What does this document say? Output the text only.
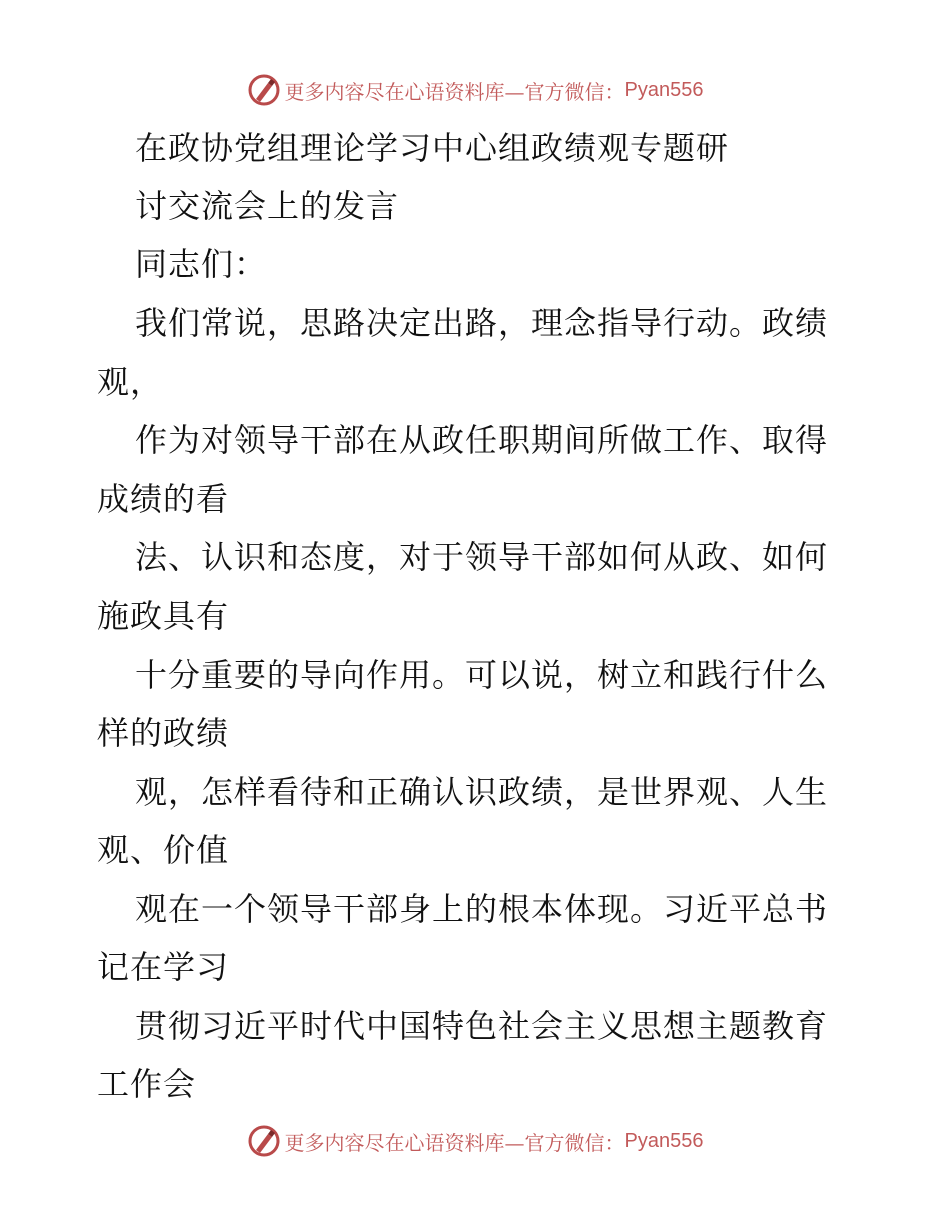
更多内容尽在心语资料库—官方微信： Pyan556
在政协党组理论学习中心组政绩观专题研
讨交流会上的发言
同志们：
我们常说，思路决定出路，理念指导行动。政绩
观，
作为对领导干部在从政任职期间所做工作、取得
成绩的看
法、认识和态度，对于领导干部如何从政、如何
施政具有
十分重要的导向作用。可以说，树立和践行什么
样的政绩
观，怎样看待和正确认识政绩，是世界观、人生
观、价值
观在一个领导干部身上的根本体现。习近平总书
记在学习
贯彻习近平时代中国特色社会主义思想主题教育
工作会
更多内容尽在心语资料库—官方微信： Pyan556
